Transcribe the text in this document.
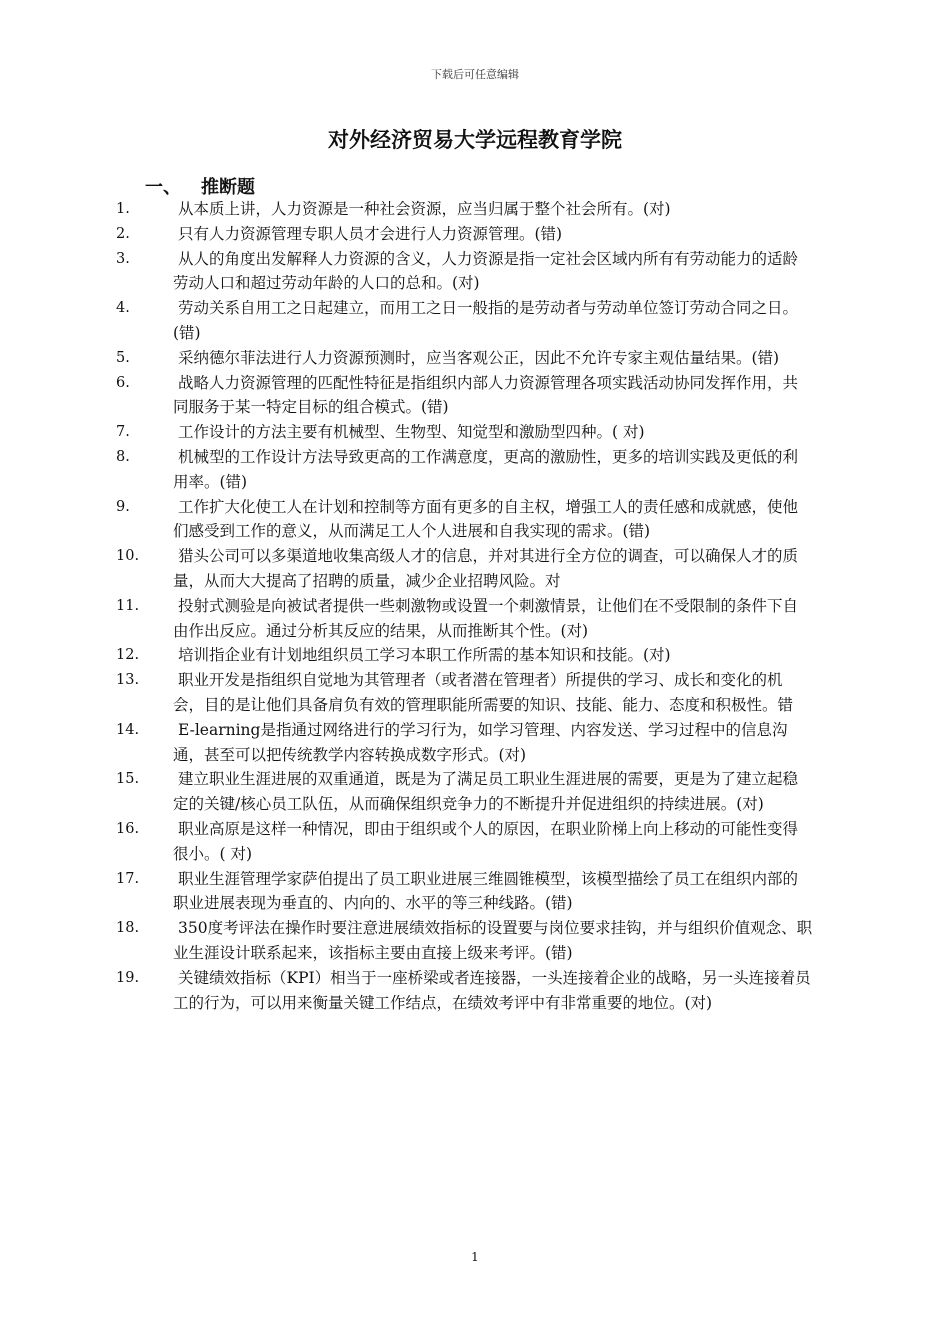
下载后可任意编辑
对外经济贸易大学远程教育学院
一、 推断题
1.	从本质上讲，人力资源是一种社会资源，应当归属于整个社会所有。(对)
2.	只有人力资源管理专职人员才会进行人力资源管理。(错)
3.	从人的角度出发解释人力资源的含义，人力资源是指一定社会区域内所有有劳动能力的适龄劳动人口和超过劳动年龄的人口的总和。(对)
4.	劳动关系自用工之日起建立，而用工之日一般指的是劳动者与劳动单位签订劳动合同之日。(错)
5.	采纳德尔菲法进行人力资源预测时，应当客观公正，因此不允许专家主观估量结果。(错)
6.	战略人力资源管理的匹配性特征是指组织内部人力资源管理各项实践活动协同发挥作用，共同服务于某一特定目标的组合模式。(错)
7.	工作设计的方法主要有机械型、生物型、知觉型和激励型四种。( 对)
8.	机械型的工作设计方法导致更高的工作满意度，更高的激励性，更多的培训实践及更低的利用率。(错)
9.	工作扩大化使工人在计划和控制等方面有更多的自主权，增强工人的责任感和成就感，使他们感受到工作的意义，从而满足工人个人进展和自我实现的需求。(错)
10.	猎头公司可以多渠道地收集高级人才的信息，并对其进行全方位的调查，可以确保人才的质量，从而大大提高了招聘的质量，减少企业招聘风险。对
11.	投射式测验是向被试者提供一些刺激物或设置一个刺激情景，让他们在不受限制的条件下自由作出反应。通过分析其反应的结果，从而推断其个性。(对)
12.	培训指企业有计划地组织员工学习本职工作所需的基本知识和技能。(对)
13.	职业开发是指组织自觉地为其管理者（或者潜在管理者）所提供的学习、成长和变化的机会，目的是让他们具备肩负有效的管理职能所需要的知识、技能、能力、态度和积极性。错
14.	E-learning是指通过网络进行的学习行为，如学习管理、内容发送、学习过程中的信息沟通，甚至可以把传统教学内容转换成数字形式。(对)
15.	建立职业生涯进展的双重通道，既是为了满足员工职业生涯进展的需要，更是为了建立起稳定的关键/核心员工队伍，从而确保组织竞争力的不断提升并促进组织的持续进展。(对)
16.	职业高原是这样一种情况，即由于组织或个人的原因，在职业阶梯上向上移动的可能性变得很小。( 对)
17.	职业生涯管理学家萨伯提出了员工职业进展三维圆锥模型，该模型描绘了员工在组织内部的职业进展表现为垂直的、内向的、水平的等三种线路。(错)
18.	350度考评法在操作时要注意进展绩效指标的设置要与岗位要求挂钩，并与组织价值观念、职业生涯设计联系起来，该指标主要由直接上级来考评。(错)
19.	关键绩效指标（KPI）相当于一座桥梁或者连接器，一头连接着企业的战略，另一头连接着员工的行为，可以用来衡量关键工作结点，在绩效考评中有非常重要的地位。(对)
1
